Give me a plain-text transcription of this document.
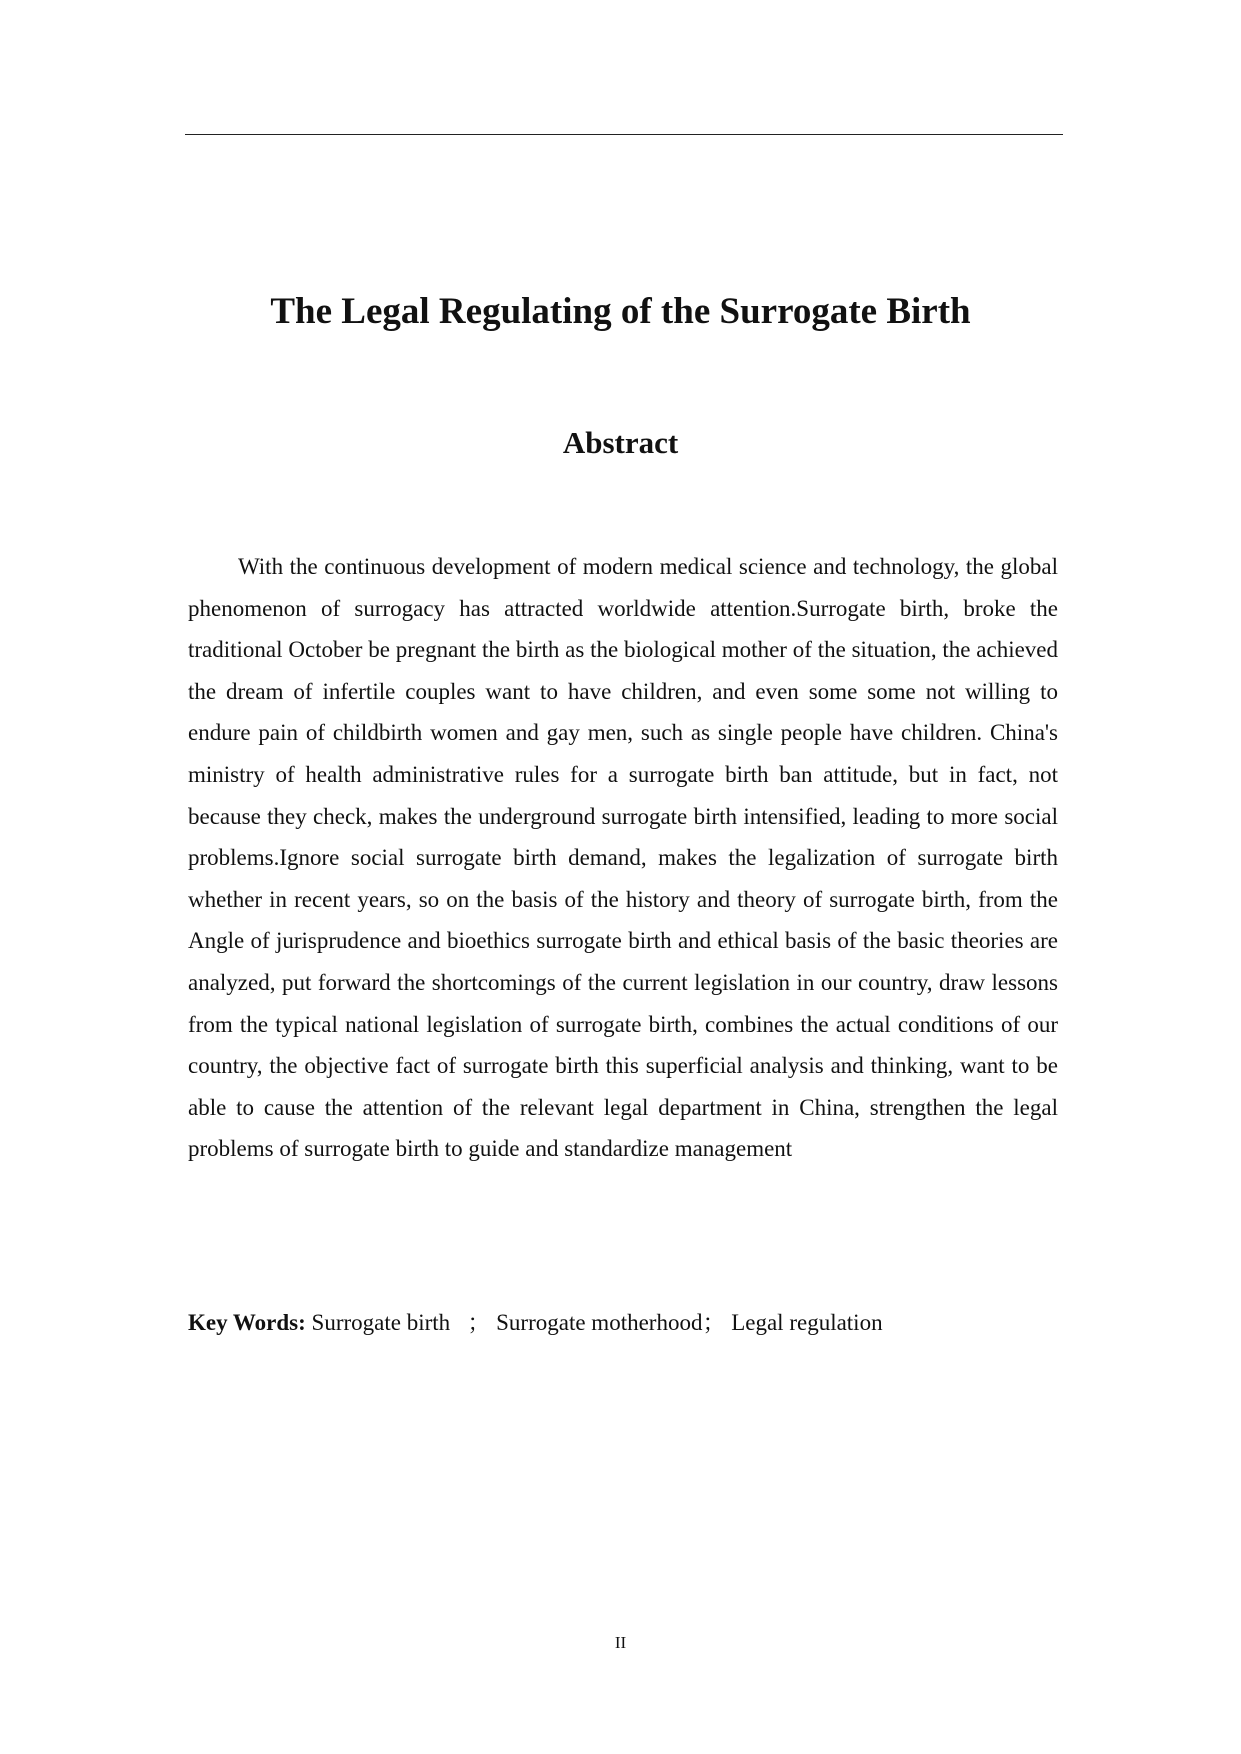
The Legal Regulating of the Surrogate Birth
Abstract

With the continuous development of modern medical science and technology, the global phenomenon of surrogacy has attracted worldwide attention.Surrogate birth, broke the traditional October be pregnant the birth as the biological mother of the situation, the achieved the dream of infertile couples want to have children, and even some some not willing to endure pain of childbirth women and gay men, such as single people have children. China's ministry of health administrative rules for a surrogate birth ban attitude, but in fact, not because they check, makes the underground surrogate birth intensified, leading to more social problems.Ignore social surrogate birth demand, makes the legalization of surrogate birth whether in recent years, so on the basis of the history and theory of surrogate birth, from the Angle of jurisprudence and bioethics surrogate birth and ethical basis of the basic theories are analyzed, put forward the shortcomings of the current legislation in our country, draw lessons from the typical national legislation of surrogate birth, combines the actual conditions of our country, the objective fact of surrogate birth this superficial analysis and thinking, want to be able to cause the attention of the relevant legal department in China, strengthen the legal problems of surrogate birth to guide and standardize management

Key Words: Surrogate birth ； Surrogate motherhood； Legal regulation

II
